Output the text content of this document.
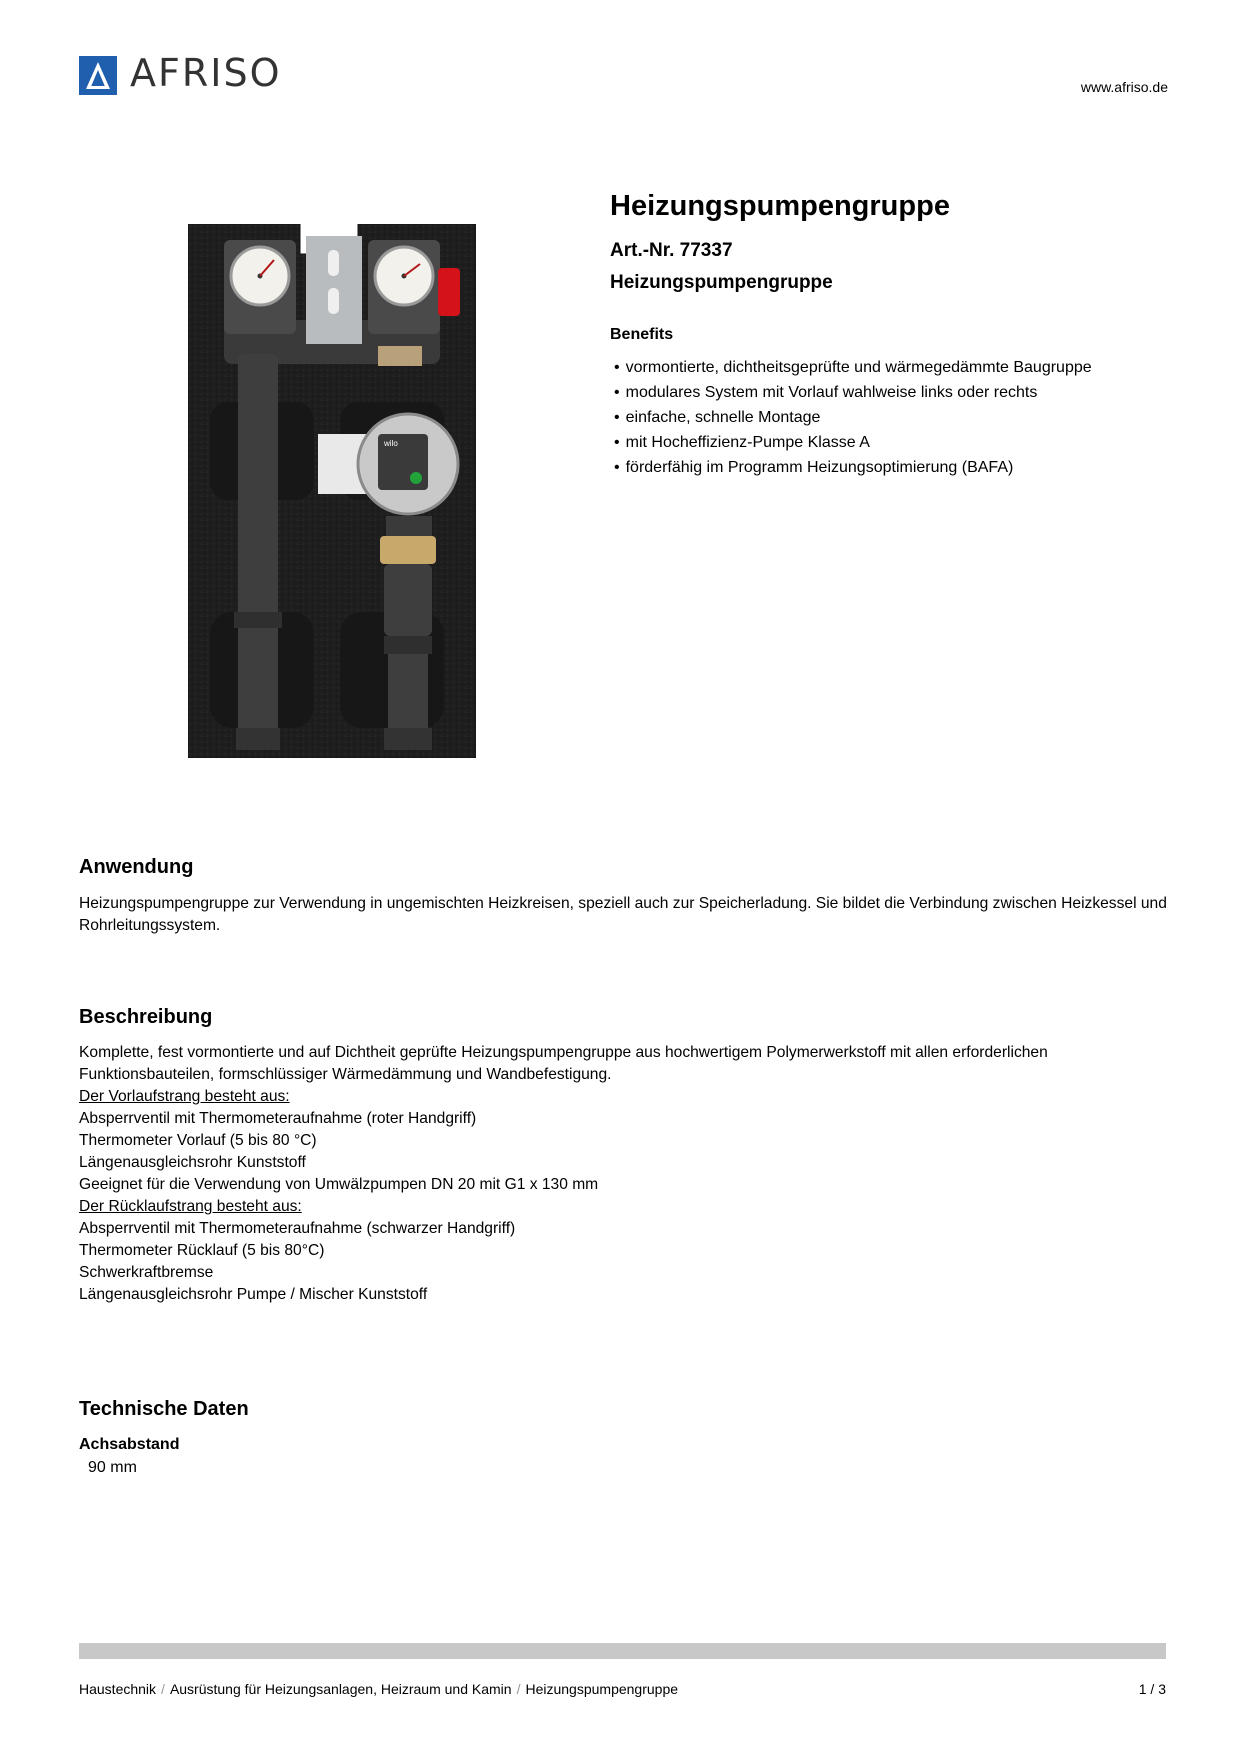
AFRISO	www.afriso.de
wilo
Heizungspumpengruppe
Art.-Nr. 77337
Heizungspumpengruppe
Benefits
• vormontierte, dichtheitsgeprüfte und wärmegedämmte Baugruppe
• modulares System mit Vorlauf wahlweise links oder rechts
• einfache, schnelle Montage
• mit Hocheffizienz-Pumpe Klasse A
• förderfähig im Programm Heizungsoptimierung (BAFA)
Anwendung
Heizungspumpengruppe zur Verwendung in ungemischten Heizkreisen, speziell auch zur Speicherladung. Sie bildet die Verbindung zwischen Heizkessel und Rohrleitungssystem.
Beschreibung
Komplette, fest vormontierte und auf Dichtheit geprüfte Heizungspumpengruppe aus hochwertigem Polymerwerkstoff mit allen erforderlichen Funktionsbauteilen, formschlüssiger Wärmedämmung und Wandbefestigung.
Der Vorlaufstrang besteht aus:
Absperrventil mit Thermometeraufnahme (roter Handgriff)
Thermometer Vorlauf (5 bis 80 °C)
Längenausgleichsrohr Kunststoff
Geeignet für die Verwendung von Umwälzpumpen DN 20 mit G1 x 130 mm
Der Rücklaufstrang besteht aus:
Absperrventil mit Thermometeraufnahme (schwarzer Handgriff)
Thermometer Rücklauf (5 bis 80°C)
Schwerkraftbremse
Längenausgleichsrohr Pumpe / Mischer Kunststoff
Technische Daten
Achsabstand
90 mm
Haustechnik / Ausrüstung für Heizungsanlagen, Heizraum und Kamin / Heizungspumpengruppe	1 / 3
